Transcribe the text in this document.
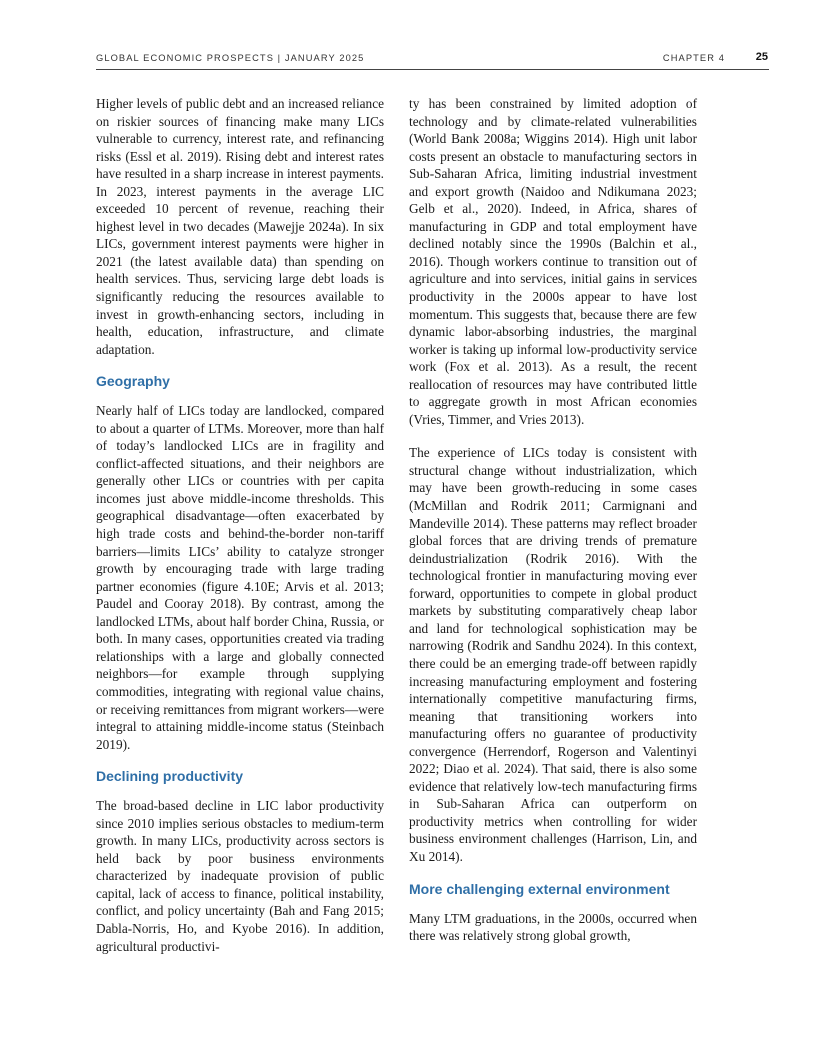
GLOBAL ECONOMIC PROSPECTS | JANUARY 2025	CHAPTER 4	25

Higher levels of public debt and an increased reliance on riskier sources of financing make many LICs vulnerable to currency, interest rate, and refinancing risks (Essl et al. 2019). Rising debt and interest rates have resulted in a sharp increase in interest payments. In 2023, interest payments in the average LIC exceeded 10 percent of revenue, reaching their highest level in two decades (Mawejje 2024a). In six LICs, government interest payments were higher in 2021 (the latest available data) than spending on health services. Thus, servicing large debt loads is significantly reducing the resources available to invest in growth-enhancing sectors, including in health, education, infrastructure, and climate adaptation.

Geography

Nearly half of LICs today are landlocked, compared to about a quarter of LTMs. Moreover, more than half of today’s landlocked LICs are in fragility and conflict-affected situations, and their neighbors are generally other LICs or countries with per capita incomes just above middle-income thresholds. This geographical disadvantage—often exacerbated by high trade costs and behind-the-border non-tariff barriers—limits LICs’ ability to catalyze stronger growth by encouraging trade with large trading partner economies (figure 4.10E; Arvis et al. 2013; Paudel and Cooray 2018). By contrast, among the landlocked LTMs, about half border China, Russia, or both. In many cases, opportunities created via trading relationships with a large and globally connected neighbors—for example through supplying commodities, integrating with regional value chains, or receiving remittances from migrant workers—were integral to attaining middle-income status (Steinbach 2019).

Declining productivity

The broad-based decline in LIC labor productivity since 2010 implies serious obstacles to medium-term growth. In many LICs, productivity across sectors is held back by poor business environments characterized by inadequate provision of public capital, lack of access to finance, political instability, conflict, and policy uncertainty (Bah and Fang 2015; Dabla-Norris, Ho, and Kyobe 2016). In addition, agricultural productivi-

ty has been constrained by limited adoption of technology and by climate-related vulnerabilities (World Bank 2008a; Wiggins 2014). High unit labor costs present an obstacle to manufacturing sectors in Sub-Saharan Africa, limiting industrial investment and export growth (Naidoo and Ndikumana 2023; Gelb et al., 2020). Indeed, in Africa, shares of manufacturing in GDP and total employment have declined notably since the 1990s (Balchin et al., 2016). Though workers continue to transition out of agriculture and into services, initial gains in services productivity in the 2000s appear to have lost momentum. This suggests that, because there are few dynamic labor-absorbing industries, the marginal worker is taking up informal low-productivity service work (Fox et al. 2013). As a result, the recent reallocation of resources may have contributed little to aggregate growth in most African economies (Vries, Timmer, and Vries 2013).

The experience of LICs today is consistent with structural change without industrialization, which may have been growth-reducing in some cases (McMillan and Rodrik 2011; Carmignani and Mandeville 2014). These patterns may reflect broader global forces that are driving trends of premature deindustrialization (Rodrik 2016). With the technological frontier in manufacturing moving ever forward, opportunities to compete in global product markets by substituting comparatively cheap labor and land for technological sophistication may be narrowing (Rodrik and Sandhu 2024). In this context, there could be an emerging trade-off between rapidly increasing manufacturing employment and fostering internationally competitive manufacturing firms, meaning that transitioning workers into manufacturing offers no guarantee of productivity convergence (Herrendorf, Rogerson and Valentinyi 2022; Diao et al. 2024). That said, there is also some evidence that relatively low-tech manufacturing firms in Sub-Saharan Africa can outperform on productivity metrics when controlling for wider business environment challenges (Harrison, Lin, and Xu 2014).

More challenging external environment

Many LTM graduations, in the 2000s, occurred when there was relatively strong global growth,
